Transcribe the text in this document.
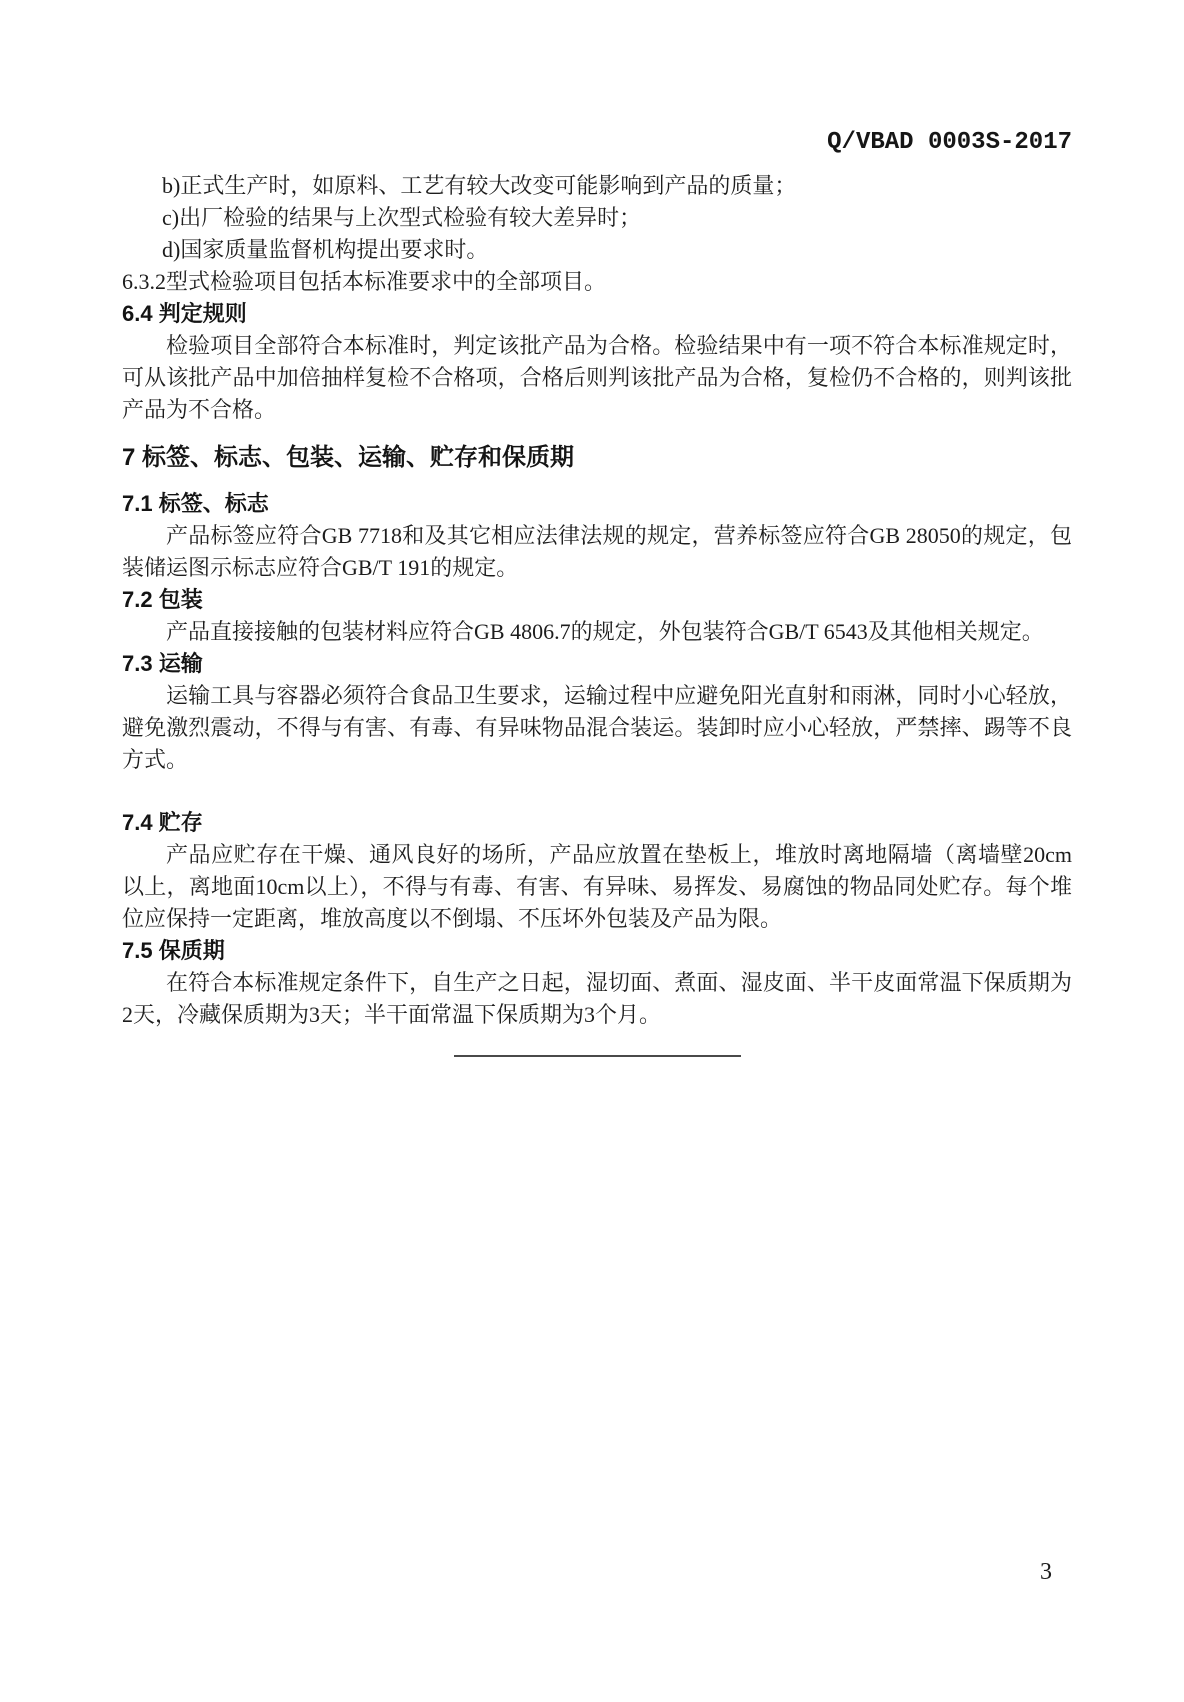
Q/VBAD 0003S-2017
b)正式生产时，如原料、工艺有较大改变可能影响到产品的质量；
c)出厂检验的结果与上次型式检验有较大差异时；
d)国家质量监督机构提出要求时。
6.3.2型式检验项目包括本标准要求中的全部项目。
6.4 判定规则

检验项目全部符合本标准时，判定该批产品为合格。检验结果中有一项不符合本标准规定时，可从该批产品中加倍抽样复检不合格项，合格后则判该批产品为合格，复检仍不合格的，则判该批产品为不合格。

7 标签、标志、包装、运输、贮存和保质期
7.1 标签、标志

产品标签应符合GB 7718和及其它相应法律法规的规定，营养标签应符合GB 28050的规定，包装储运图示标志应符合GB/T 191的规定。

7.2 包装

产品直接接触的包装材料应符合GB 4806.7的规定，外包装符合GB/T 6543及其他相关规定。

7.3 运输

运输工具与容器必须符合食品卫生要求，运输过程中应避免阳光直射和雨淋，同时小心轻放，避免激烈震动，不得与有害、有毒、有异味物品混合装运。装卸时应小心轻放，严禁摔、踢等不良方式。

7.4 贮存

产品应贮存在干燥、通风良好的场所，产品应放置在垫板上，堆放时离地隔墙（离墙壁20cm以上，离地面10cm以上），不得与有毒、有害、有异味、易挥发、易腐蚀的物品同处贮存。每个堆位应保持一定距离，堆放高度以不倒塌、不压坏外包装及产品为限。

7.5 保质期

在符合本标准规定条件下，自生产之日起，湿切面、煮面、湿皮面、半干皮面常温下保质期为2天，冷藏保质期为3天；半干面常温下保质期为3个月。

3
